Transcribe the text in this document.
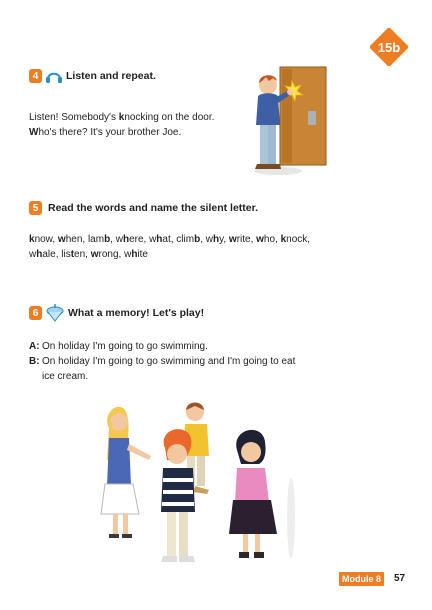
15b
4	Listen and repeat.
Listen! Somebody's knocking on the door.
Who's there? It's your brother Joe.
5 Read the words and name the silent letter.
know, when, lamb, where, what, climb, why, write, who, knock,
whale, listen, wrong, white
6	What a memory! Let's play!
A: On holiday I'm going to go swimming.
B: On holiday I'm going to go swimming and I'm going to eat
ice cream.
Module 8	57
